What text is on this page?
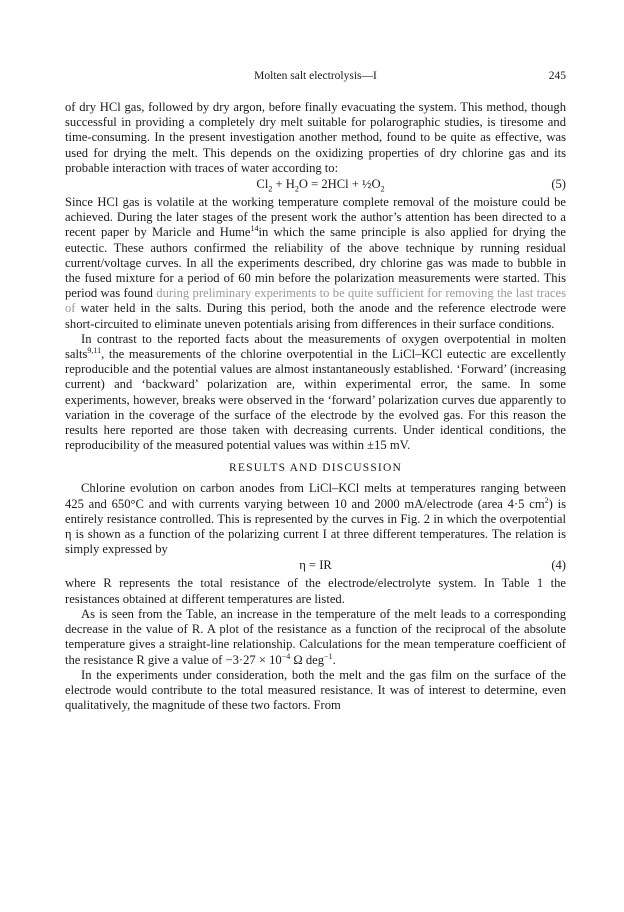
Molten salt electrolysis—I	245

of dry HCl gas, followed by dry argon, before finally evacuating the system. This method, though successful in providing a completely dry melt suitable for polarographic studies, is tiresome and time-consuming. In the present investigation another method, found to be quite as effective, was used for drying the melt. This depends on the oxidizing properties of dry chlorine gas and its probable interaction with traces of water according to:

$Cl_2 + H_2O = 2HCl$ + $\frac{1}{2}O_2$	(5)

Since HCl gas is volatile at the working temperature complete removal of the moisture could be achieved. During the later stages of the present work the author’s attention has been directed to a recent paper by Maricle and Hume$^{14}$in which the same principle is also applied for drying the eutectic. These authors confirmed the reliability of the above technique by running residual current/voltage curves. In all the experiments described, dry chlorine gas was made to bubble in the fused mixture for a period of 60 min before the polarization measurements were started. This period was found during preliminary experiments to be quite sufficient for removing the last traces of water held in the salts. During this period, both the anode and the reference electrode were short-circuited to eliminate uneven potentials arising from differences in their surface conditions.

In contrast to the reported facts about the measurements of oxygen overpotential in molten salts$^{9,11}$, the measurements of the chlorine overpotential in the LiCl–KCl eutectic are excellently reproducible and the potential values are almost instantaneously established. ‘Forward’ (increasing current) and ‘backward’ polarization are, within experimental error, the same. In some experiments, however, breaks were observed in the ‘forward’ polarization curves due apparently to variation in the coverage of the surface of the electrode by the evolved gas. For this reason the results here reported are those taken with decreasing currents. Under identical conditions, the reproducibility of the measured potential values was within ±15 mV.

RESULTS AND DISCUSSION

Chlorine evolution on carbon anodes from LiCl–KCl melts at temperatures ranging between 425 and 650°C and with currents varying between 10 and 2000 mA/electrode (area 4·5 $cm^2$) is entirely resistance controlled. This is represented by the curves in Fig. 2 in which the overpotential η is shown as a function of the polarizing current I at three different temperatures. The relation is simply expressed by

η = IR	(4)

where R represents the total resistance of the electrode/electrolyte system. In Table 1 the resistances obtained at different temperatures are listed.

As is seen from the Table, an increase in the temperature of the melt leads to a corresponding decrease in the value of R. A plot of the resistance as a function of the reciprocal of the absolute temperature gives a straight-line relationship. Calculations for the mean temperature coefficient of the resistance R give a value of $-3\cdot 27 \times 10^{-4}$ Ω deg$^{-1}$.

In the experiments under consideration, both the melt and the gas film on the surface of the electrode would contribute to the total measured resistance. It was of interest to determine, even qualitatively, the magnitude of these two factors. From
